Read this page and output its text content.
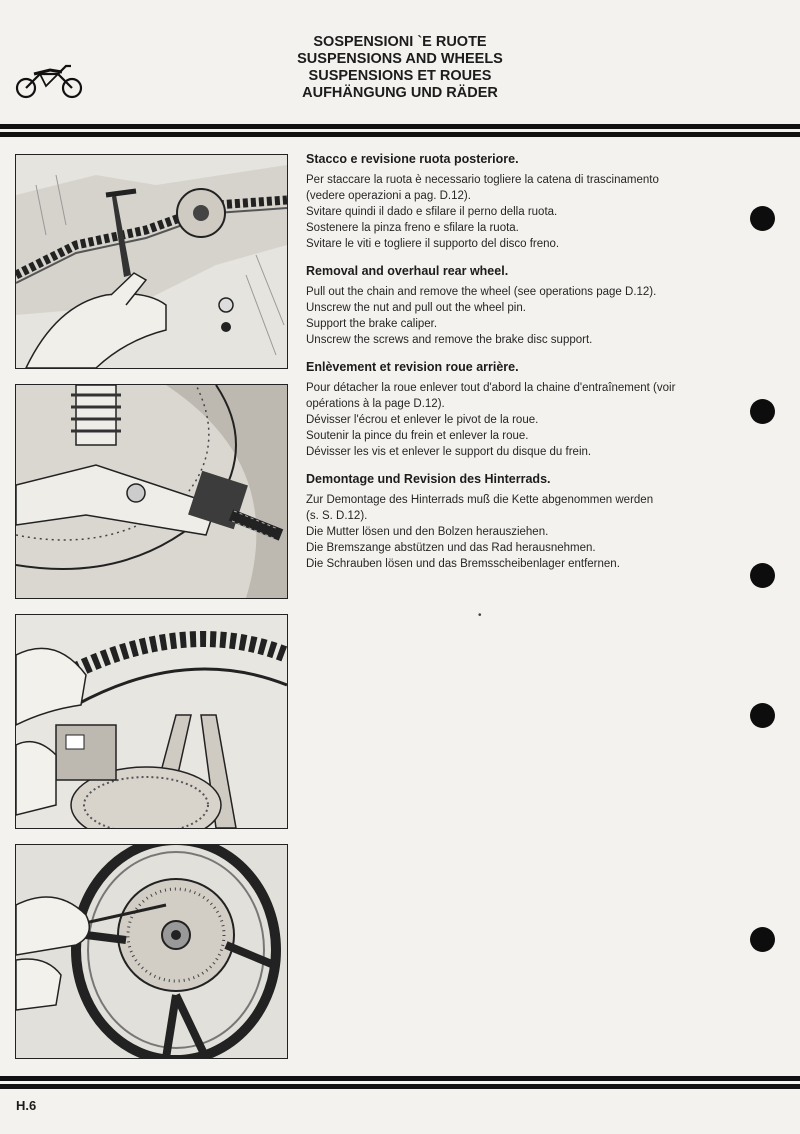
SOSPENSIONI `E RUOTE
SUSPENSIONS AND WHEELS
SUSPENSIONS ET ROUES
AUFHÄNGUNG UND RÄDER
Stacco e revisione ruota posteriore.
Per staccare la ruota è necessario togliere la catena di trascinamento
(vedere operazioni a pag. D.12).
Svitare quindi il dado e sfilare il perno della ruota.
Sostenere la pinza freno e sfilare la ruota.
Svitare le viti e togliere il supporto del disco freno.
Removal and overhaul rear wheel.
Pull out the chain and remove the wheel (see operations page D.12).
Unscrew the nut and pull out the wheel pin.
Support the brake caliper.
Unscrew the screws and remove the brake disc support.
Enlèvement et revision roue arrière.
Pour détacher la roue enlever tout d'abord la chaine d'entraînement (voir
opérations à la page D.12).
Dévisser l'écrou et enlever le pivot de la roue.
Soutenir la pince du frein et enlever la roue.
Dévisser les vis et enlever le support du disque du frein.
Demontage und Revision des Hinterrads.
Zur Demontage des Hinterrads muß die Kette abgenommen werden
(s. S. D.12).
Die Mutter lösen und den Bolzen herausziehen.
Die Bremszange abstützen und das Rad herausnehmen.
Die Schrauben lösen und das Bremsscheibenlager entfernen.
•
H.6
